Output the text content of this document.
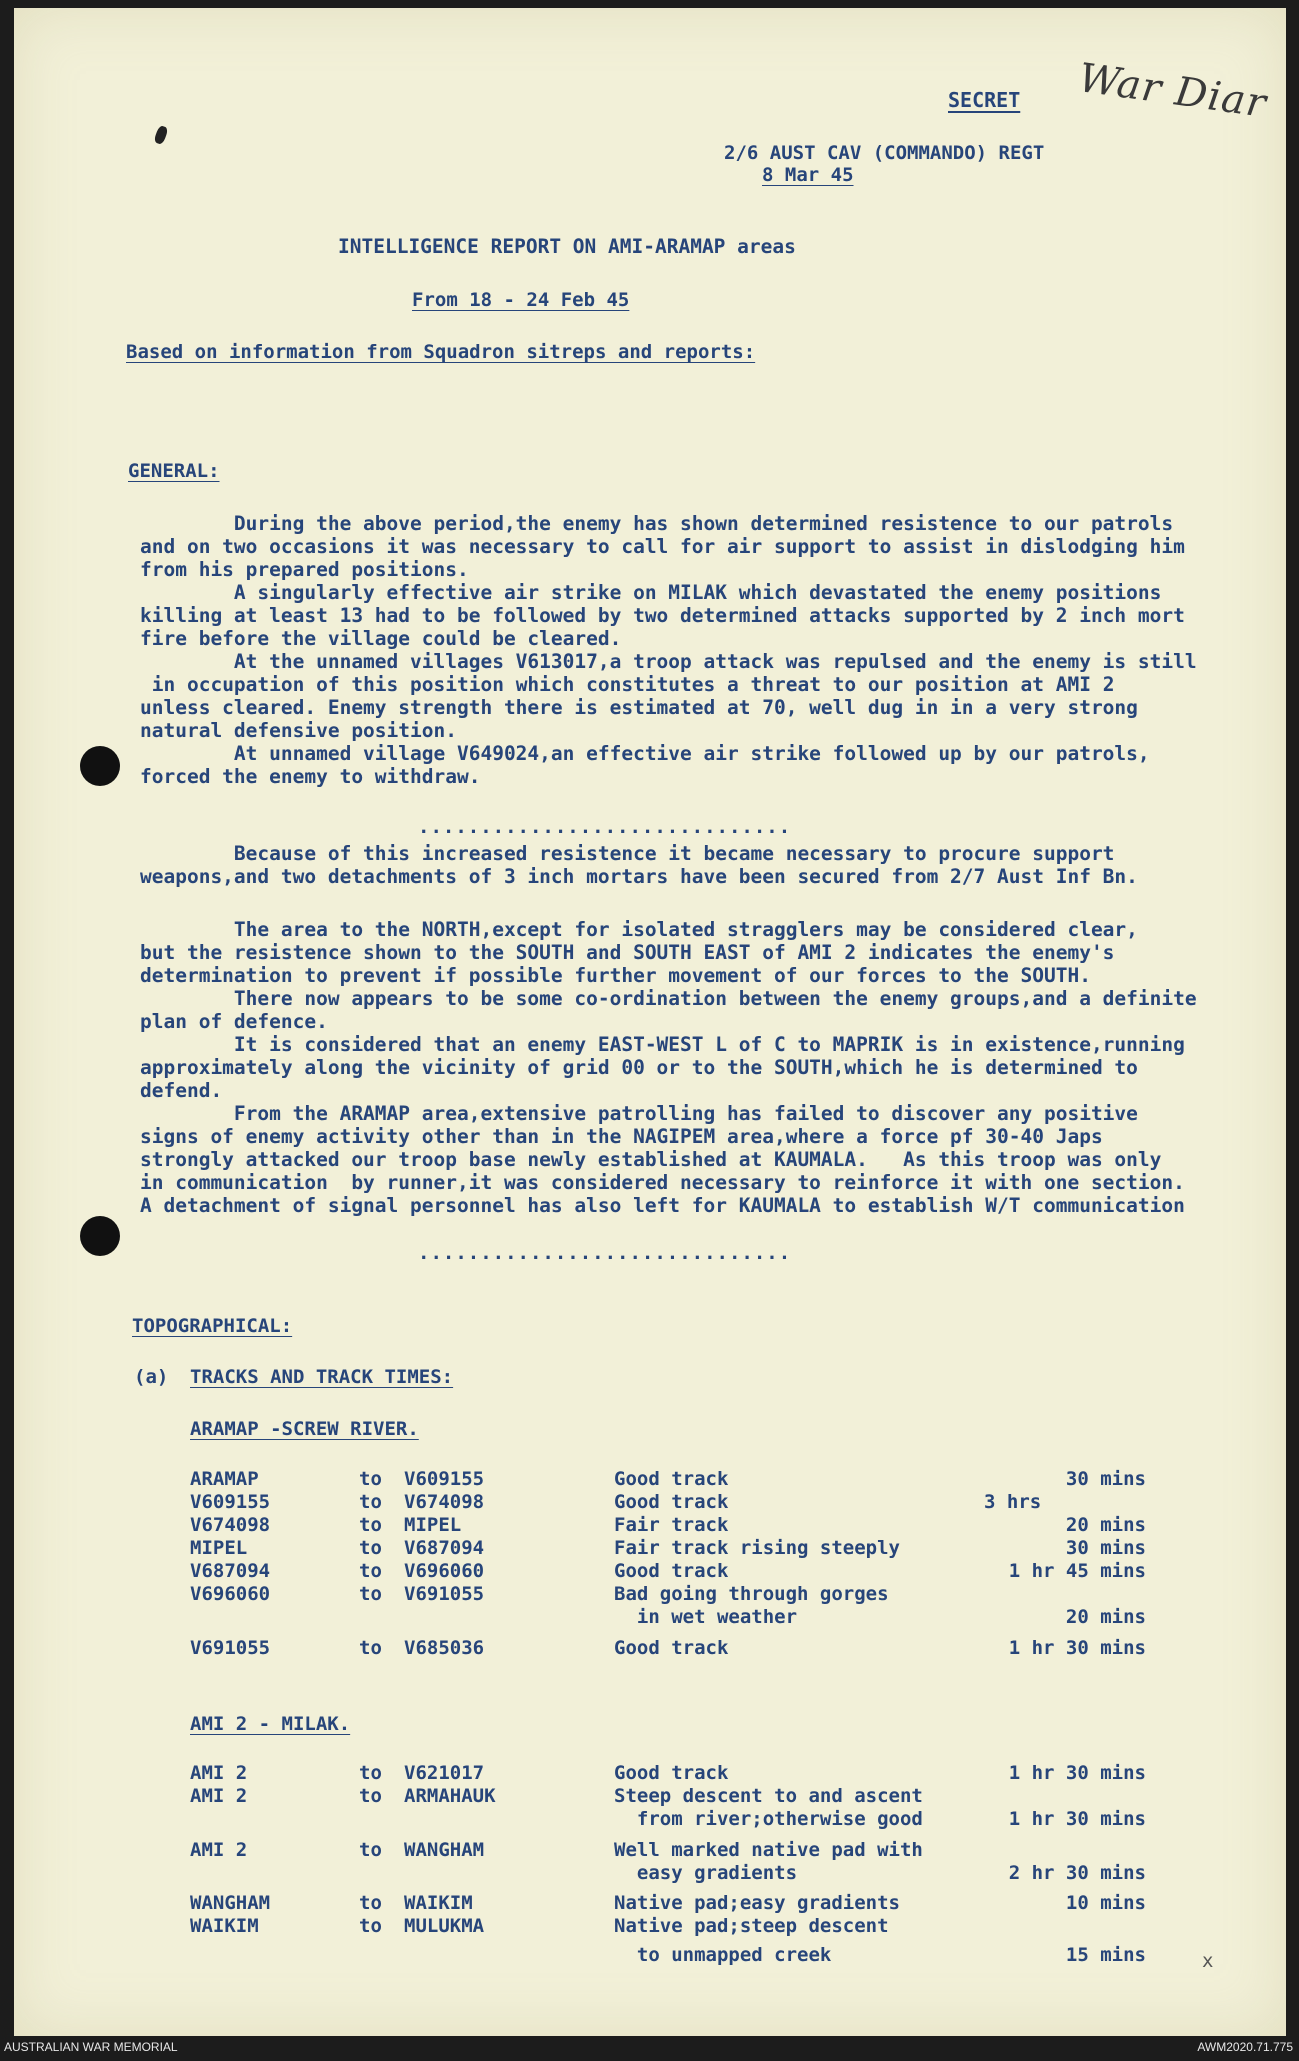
SECRET War Diar
2/6 AUST CAV (COMMANDO) REGT
8 Mar 45
INTELLIGENCE REPORT ON AMI-ARAMAP areas
From 18 - 24 Feb 45
Based on information from Squadron sitreps and reports:
GENERAL:

During the above period,the enemy has shown determined resistence to our patrols

and on two occasions it was necessary to call for air support to assist in dislodging him

from his prepared positions.

A singularly effective air strike on MILAK which devastated the enemy positions

killing at least 13 had to be followed by two determined attacks supported by 2 inch mort

fire before the village could be cleared.

At the unnamed villages V613017,a troop attack was repulsed and the enemy is still

in occupation of this position which constitutes a threat to our position at AMI 2

unless cleared. Enemy strength there is estimated at 70, well dug in in a very strong

natural defensive position.

At unnamed village V649024,an effective air strike followed up by our patrols,

forced the enemy to withdraw.

..............................

Because of this increased resistence it became necessary to procure support

weapons,and two detachments of 3 inch mortars have been secured from 2/7 Aust Inf Bn.

The area to the NORTH,except for isolated stragglers may be considered clear,

but the resistence shown to the SOUTH and SOUTH EAST of AMI 2 indicates the enemy's

determination to prevent if possible further movement of our forces to the SOUTH.

There now appears to be some co-ordination between the enemy groups,and a definite

plan of defence.

It is considered that an enemy EAST-WEST L of C to MAPRIK is in existence,running

approximately along the vicinity of grid 00 or to the SOUTH,which he is determined to

defend.

From the ARAMAP area,extensive patrolling has failed to discover any positive

signs of enemy activity other than in the NAGIPEM area,where a force pf 30-40 Japs

strongly attacked our troop base newly established at KAUMALA.   As this troop was only

in communication  by runner,it was considered necessary to reinforce it with one section.

A detachment of signal personnel has also left for KAUMALA to establish W/T communication

..............................
TOPOGRAPHICAL:
(a) TRACKS AND TRACK TIMES:
ARAMAP -SCREW RIVER.
ARAMAP	to V609155	Good track	30 mins
V609155	to V674098	Good track	3 hrs
V674098	to MIPEL	Fair track	20 mins
MIPEL	to V687094	Fair track rising steeply	30 mins
V687094	to V696060	Good track	1 hr 45 mins
V696060	to V691055	Bad going through gorges
in wet weather	20 mins
V691055	to V685036	Good track	1 hr 30 mins
AMI 2 - MILAK.
AMI 2	to V621017	Good track	1 hr 30 mins
AMI 2	to ARMAHAUK	Steep descent to and ascent
from river;otherwise good	1 hr 30 mins
AMI 2	to WANGHAM	Well marked native pad with
easy gradients	2 hr 30 mins
WANGHAM	to WAIKIM	Native pad;easy gradients	10 mins
WAIKIM	to MULUKMA	Native pad;steep descent
to unmapped creek	15 mins	x
AUSTRALIAN WAR MEMORIAL	AWM2020.71.775
